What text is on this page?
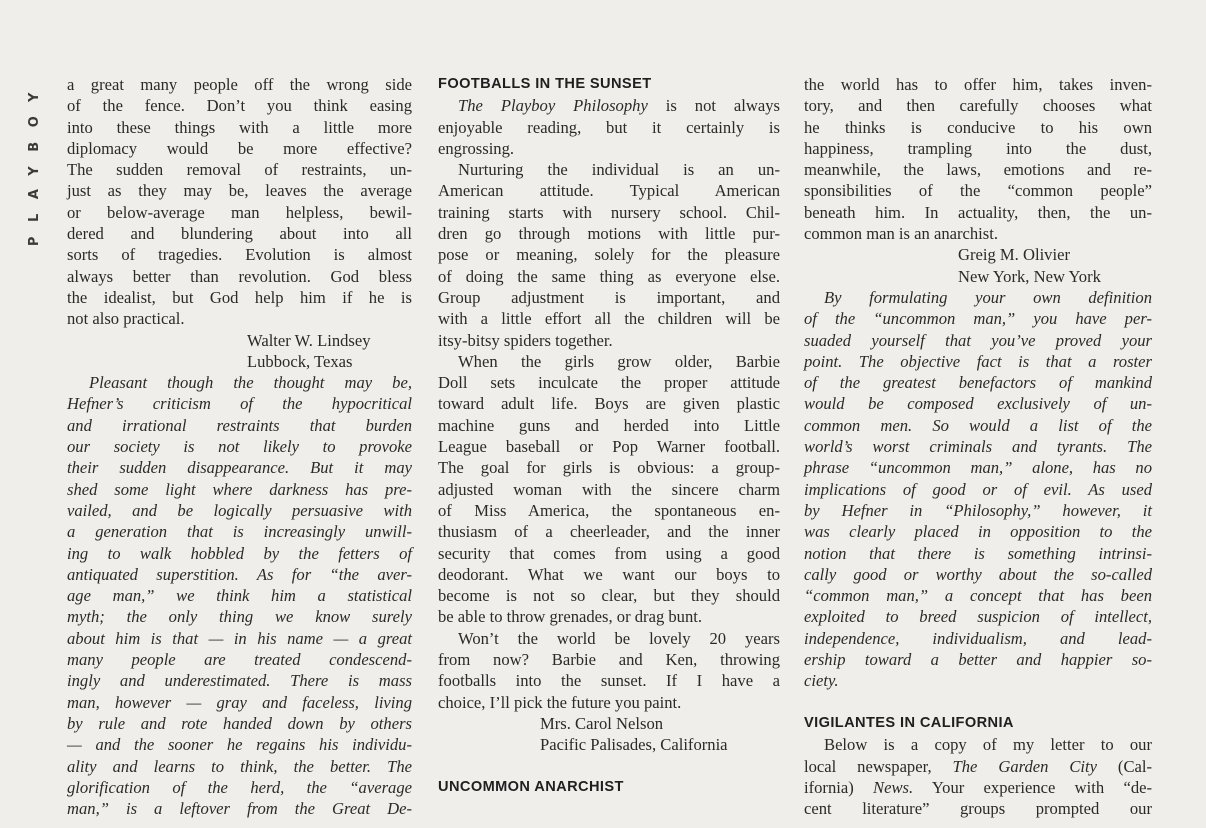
PLAYBOY a great many people off the wrong side
of the fence. Don’t you think easing
into these things with a little more
diplomacy would be more effective?
The sudden removal of restraints, un-
just as they may be, leaves the average
or below-average man helpless, bewil-
dered and blundering about into all
sorts of tragedies. Evolution is almost
always better than revolution. God bless
the idealist, but God help him if he is
not also practical.
Walter W. Lindsey
Lubbock, Texas
Pleasant though the thought may be,
Hefner’s criticism of the hypocritical
and irrational restraints that burden
our society is not likely to provoke
their sudden disappearance. But it may
shed some light where darkness has pre-
vailed, and be logically persuasive with
a generation that is increasingly unwill-
ing to walk hobbled by the fetters of
antiquated superstition. As for “the aver-
age man,” we think him a statistical
myth; the only thing we know surely
about him is that — in his name — a great
many people are treated condescend-
ingly and underestimated. There is mass
man, however — gray and faceless, living
by rule and rote handed down by others
— and the sooner he regains his individu-
ality and learns to think, the better. The
glorification of the herd, the “average
man,” is a leftover from the Great De-
FOOTBALLS IN THE SUNSET
The Playboy Philosophy is not always
enjoyable reading, but it certainly is
engrossing.
Nurturing the individual is an un-
American attitude. Typical American
training starts with nursery school. Chil-
dren go through motions with little pur-
pose or meaning, solely for the pleasure
of doing the same thing as everyone else.
Group adjustment is important, and
with a little effort all the children will be
itsy-bitsy spiders together.
When the girls grow older, Barbie
Doll sets inculcate the proper attitude
toward adult life. Boys are given plastic
machine guns and herded into Little
League baseball or Pop Warner football.
The goal for girls is obvious: a group-
adjusted woman with the sincere charm
of Miss America, the spontaneous en-
thusiasm of a cheerleader, and the inner
security that comes from using a good
deodorant. What we want our boys to
become is not so clear, but they should
be able to throw grenades, or drag bunt.
Won’t the world be lovely 20 years
from now? Barbie and Ken, throwing
footballs into the sunset. If I have a
choice, I’ll pick the future you paint.
Mrs. Carol Nelson
Pacific Palisades, California
UNCOMMON ANARCHIST
the world has to offer him, takes inven-
tory, and then carefully chooses what
he thinks is conducive to his own
happiness, trampling into the dust,
meanwhile, the laws, emotions and re-
sponsibilities of the “common people”
beneath him. In actuality, then, the un-
common man is an anarchist.
Greig M. Olivier
New York, New York
By formulating your own definition
of the “uncommon man,” you have per-
suaded yourself that you’ve proved your
point. The objective fact is that a roster
of the greatest benefactors of mankind
would be composed exclusively of un-
common men. So would a list of the
world’s worst criminals and tyrants. The
phrase “uncommon man,” alone, has no
implications of good or of evil. As used
by Hefner in “Philosophy,” however, it
was clearly placed in opposition to the
notion that there is something intrinsi-
cally good or worthy about the so-called
“common man,” a concept that has been
exploited to breed suspicion of intellect,
independence, individualism, and lead-
ership toward a better and happier so-
ciety.
VIGILANTES IN CALIFORNIA
Below is a copy of my letter to our
local newspaper, The Garden City (Cal-
ifornia) News. Your experience with “de-
cent literature” groups prompted our
